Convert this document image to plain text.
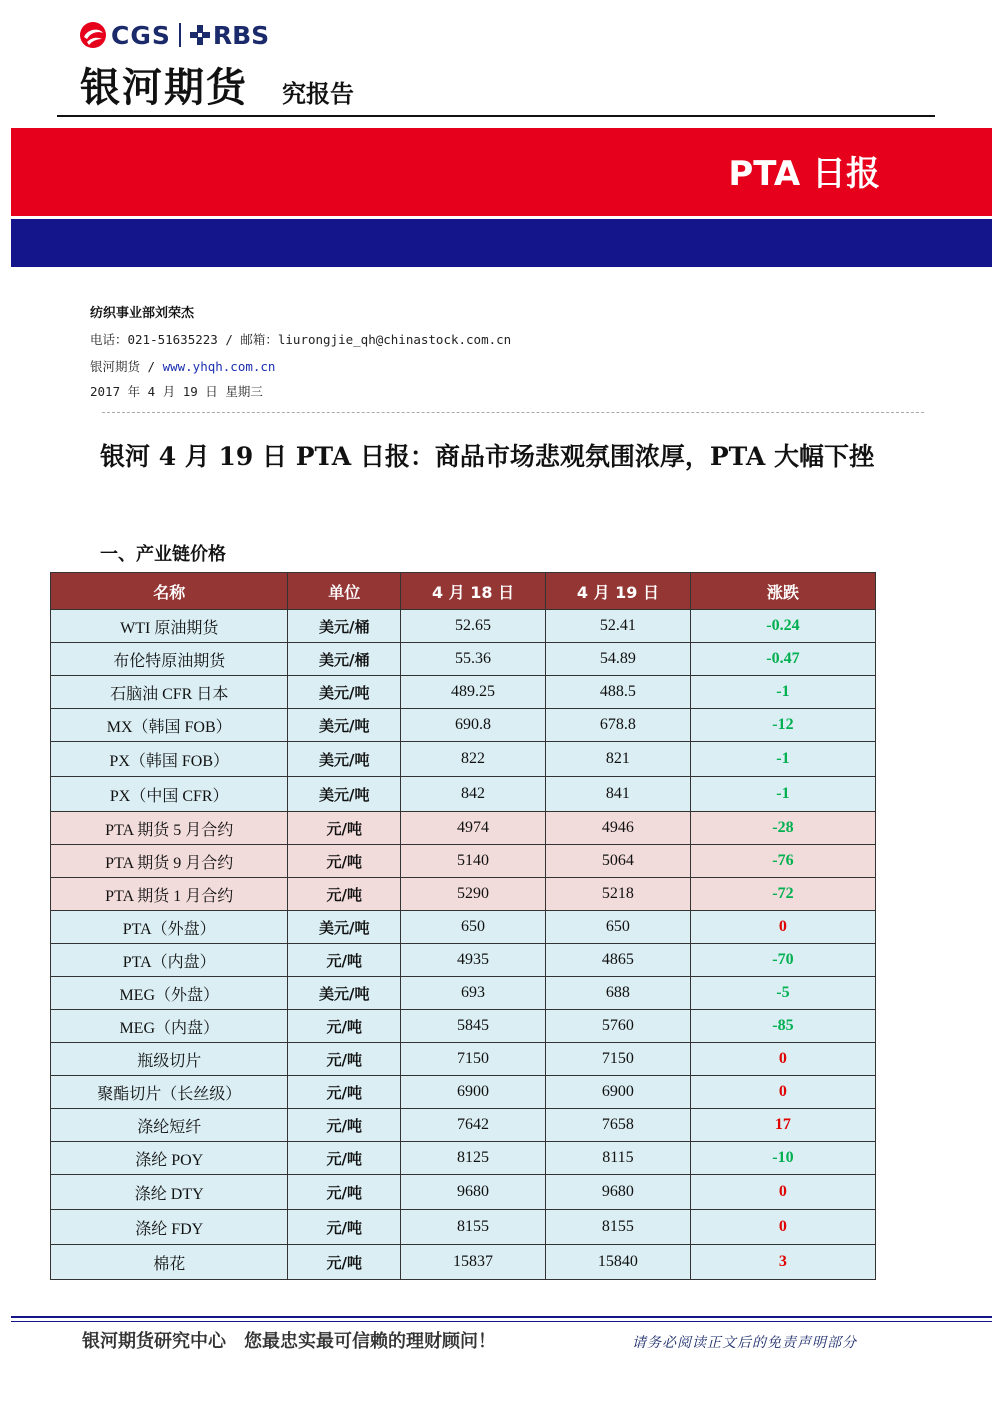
CGS RBS
银河期货 究报告
PTA 日报
纺织事业部刘荣杰
电话：021-51635223 / 邮箱：liurongjie_qh@chinastock.com.cn
银河期货 / www.yhqh.com.cn
2017 年 4 月 19 日 星期三
银河 4 月 19 日 PTA 日报：商品市场悲观氛围浓厚，PTA 大幅下挫
一、产业链价格
名称	单位	4 月 18 日	4 月 19 日	涨跌
WTI 原油期货	美元/桶	52.65	52.41	-0.24
布伦特原油期货	美元/桶	55.36	54.89	-0.47
石脑油 CFR 日本	美元/吨	489.25	488.5	-1
MX（韩国 FOB）	美元/吨	690.8	678.8	-12
PX（韩国 FOB）	美元/吨	822	821	-1
PX（中国 CFR）	美元/吨	842	841	-1
PTA 期货 5 月合约	元/吨	4974	4946	-28
PTA 期货 9 月合约	元/吨	5140	5064	-76
PTA 期货 1 月合约	元/吨	5290	5218	-72
PTA（外盘）	美元/吨	650	650	0
PTA（内盘）	元/吨	4935	4865	-70
MEG（外盘）	美元/吨	693	688	-5
MEG（内盘）	元/吨	5845	5760	-85
瓶级切片	元/吨	7150	7150	0
聚酯切片（长丝级）	元/吨	6900	6900	0
涤纶短纤	元/吨	7642	7658	17
涤纶 POY	元/吨	8125	8115	-10
涤纶 DTY	元/吨	9680	9680	0
涤纶 FDY	元/吨	8155	8155	0
棉花	元/吨	15837	15840	3
银河期货研究中心　您最忠实最可信赖的理财顾问！	请务必阅读正文后的免责声明部分
